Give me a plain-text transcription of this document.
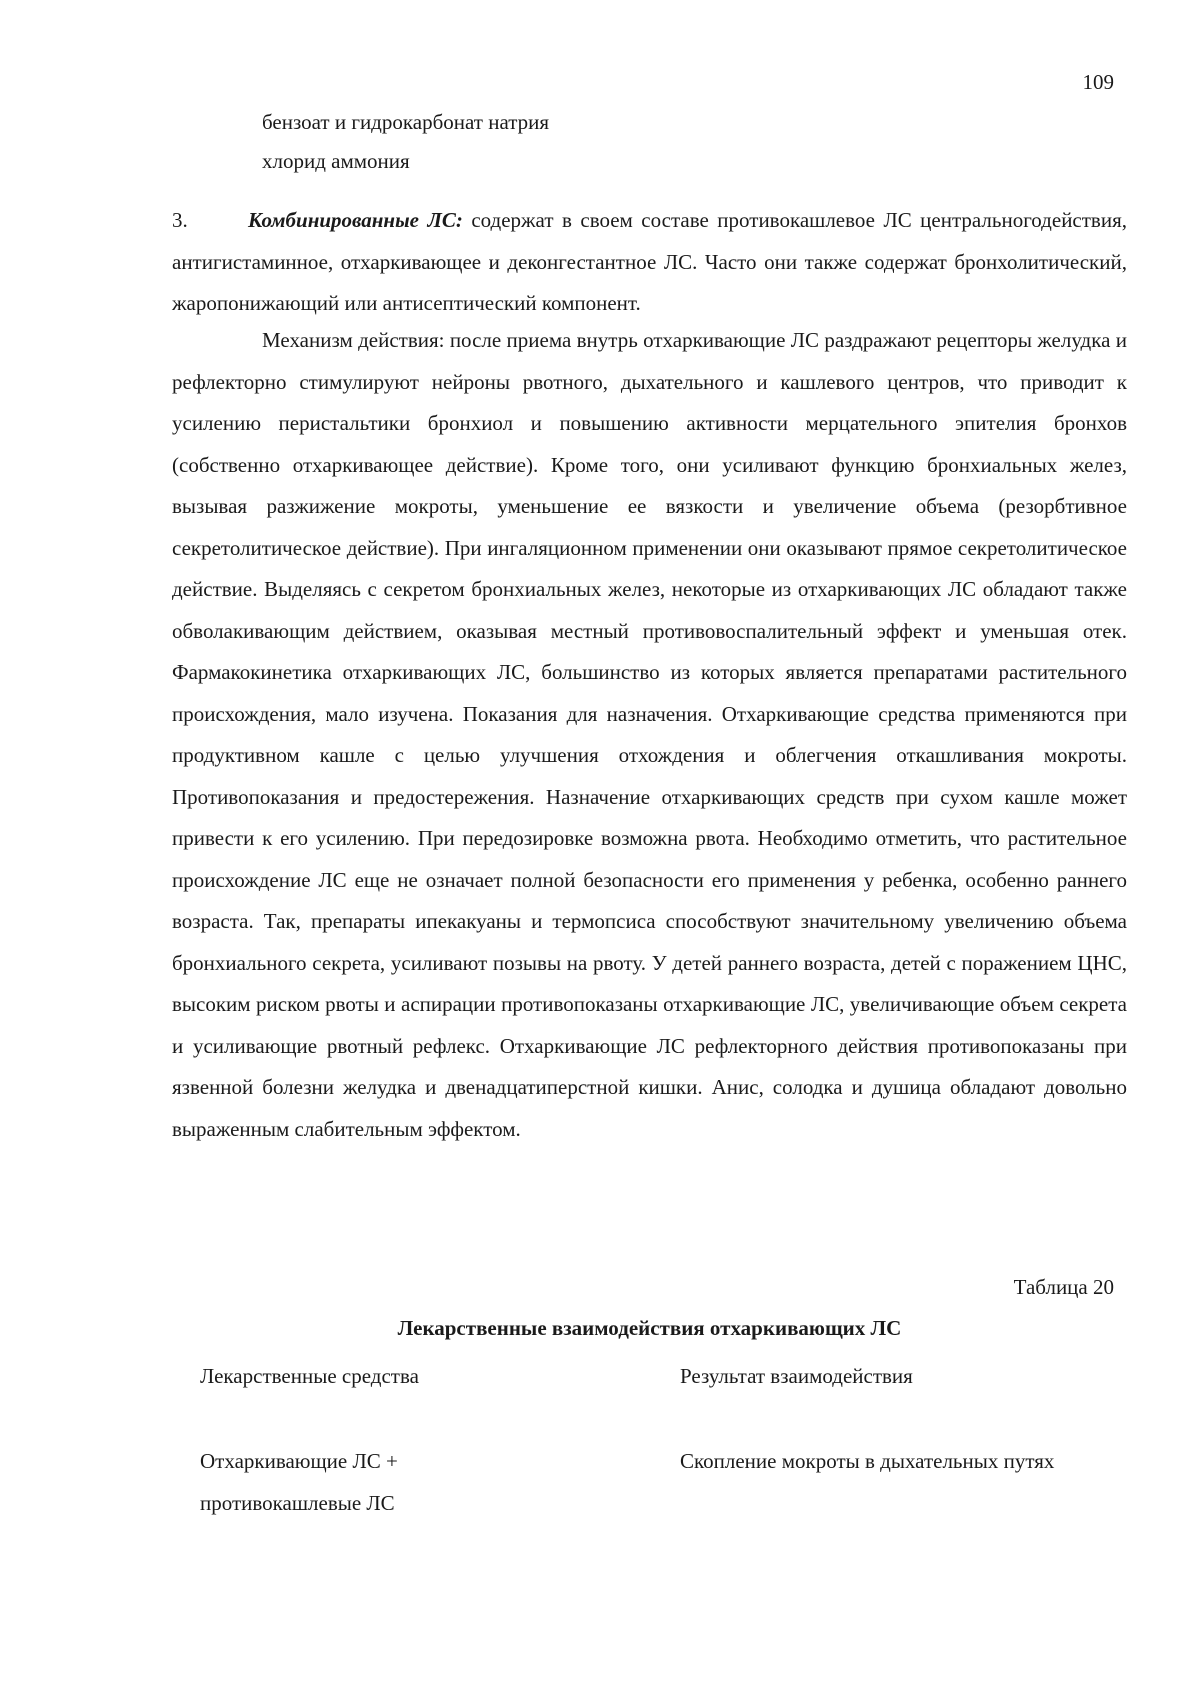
109
бензоат и гидрокарбонат натрия
хлорид аммония
3.	Комбинированные ЛС: содержат в своем составе противокашлевое ЛС центральногодействия, антигистаминное, отхаркивающее и деконгестантное ЛС. Часто они также содержат бронхолитический, жаропонижающий или антисептический компонент.

Механизм действия: после приема внутрь отхаркивающие ЛС раздражают рецепторы желудка и рефлекторно стимулируют нейроны рвотного, дыхательного и кашлевого центров, что приводит к усилению перистальтики бронхиол и повышению активности мерцательного эпителия бронхов (собственно отхаркивающее действие). Кроме того, они усиливают функцию бронхиальных желез, вызывая разжижение мокроты, уменьшение ее вязкости и увеличение объема (резорбтивное секретолитическое действие). При ингаляционном применении они оказывают прямое секретолитическое действие. Выделяясь с секретом бронхиальных желез, некоторые из отхаркивающих ЛС обладают также обволакивающим действием, оказывая местный противовоспалительный эффект и уменьшая отек. Фармакокинетика отхаркивающих ЛС, большинство из которых является препаратами растительного происхождения, мало изучена. Показания для назначения. Отхаркивающие средства применяются при продуктивном кашле с целью улучшения отхождения и облегчения откашливания мокроты. Противопоказания и предостережения. Назначение отхаркивающих средств при сухом кашле может привести к его усилению. При передозировке возможна рвота. Необходимо отметить, что растительное происхождение ЛС еще не означает полной безопасности его применения у ребенка, особенно раннего возраста. Так, препараты ипекакуаны и термопсиса способствуют значительному увеличению объема бронхиального секрета, усиливают позывы на рвоту. У детей раннего возраста, детей с поражением ЦНС, высоким риском рвоты и аспирации противопоказаны отхаркивающие ЛС, увеличивающие объем секрета и усиливающие рвотный рефлекс. Отхаркивающие ЛС рефлекторного действия противопоказаны при язвенной болезни желудка и двенадцатиперстной кишки. Анис, солодка и душица обладают довольно выраженным слабительным эффектом.

Таблица 20
Лекарственные взаимодействия отхаркивающих ЛС
Лекарственные средства	Результат взаимодействия
Отхаркивающие ЛС +
противокашлевые ЛС
Скопление мокроты в дыхательных путях
